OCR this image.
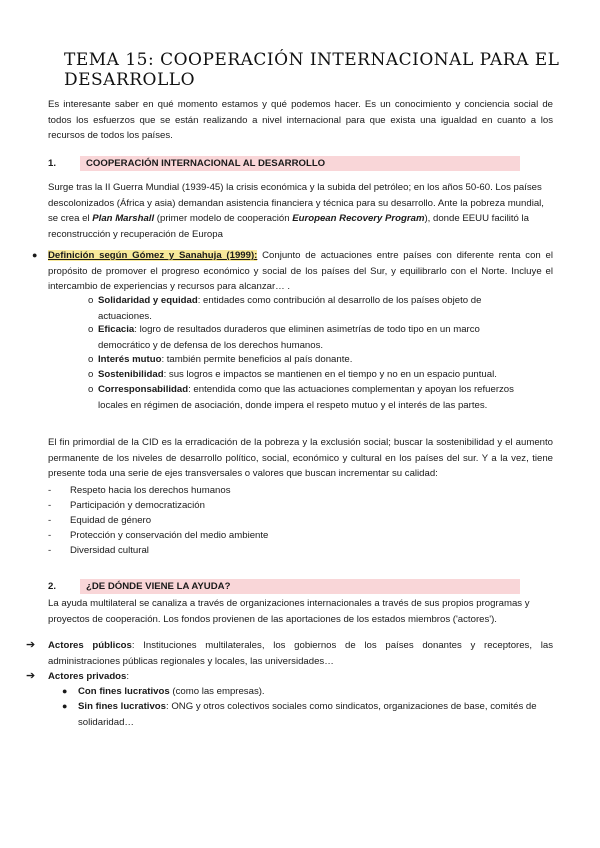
TEMA 15: COOPERACIÓN INTERNACIONAL PARA EL DESARROLLO
Es interesante saber en qué momento estamos y qué podemos hacer. Es un conocimiento y conciencia social de todos los esfuerzos que se están realizando a nivel internacional para que exista una igualdad en cuanto a los recursos de todos los países.
1.	COOPERACIÓN INTERNACIONAL AL DESARROLLO
Surge tras la II Guerra Mundial (1939-45) la crisis económica y la subida del petróleo; en los años 50-60. Los países descolonizados (África y asia) demandan asistencia financiera y técnica para su desarrollo. Ante la pobreza mundial, se crea el Plan Marshall (primer modelo de cooperación European Recovery Program), donde EEUU facilitó la reconstrucción y recuperación de Europa
● Definición según Gómez y Sanahuja (1999): Conjunto de actuaciones entre países con diferente renta con el propósito de promover el progreso económico y social de los países del Sur, y equilibrarlo con el Norte. Incluye el intercambio de experiencias y recursos para alcanzar… .
o Solidaridad y equidad: entidades como contribución al desarrollo de los países objeto de actuaciones.
o Eficacia: logro de resultados duraderos que eliminen asimetrías de todo tipo en un marco democrático y de defensa de los derechos humanos.
o Interés mutuo: también permite beneficios al país donante.
o Sostenibilidad: sus logros e impactos se mantienen en el tiempo y no en un espacio puntual.
o Corresponsabilidad: entendida como que las actuaciones complementan y apoyan los refuerzos locales en régimen de asociación, donde impera el respeto mutuo y el interés de las partes.
El fin primordial de la CID es la erradicación de la pobreza y la exclusión social; buscar la sostenibilidad y el aumento permanente de los niveles de desarrollo político, social, económico y cultural en los países del sur. Y a la vez, tiene presente toda una serie de ejes transversales o valores que buscan incrementar su calidad:
- Respeto hacia los derechos humanos
- Participación y democratización
- Equidad de género
- Protección y conservación del medio ambiente
- Diversidad cultural
2.	¿DE DÓNDE VIENE LA AYUDA?
La ayuda multilateral se canaliza a través de organizaciones internacionales a través de sus propios programas y proyectos de cooperación. Los fondos provienen de las aportaciones de los estados miembros ('actores').
➔ Actores públicos: Instituciones multilaterales, los gobiernos de los países donantes y receptores, las administraciones públicas regionales y locales, las universidades…
➔ Actores privados:
● Con fines lucrativos (como las empresas).
● Sin fines lucrativos: ONG y otros colectivos sociales como sindicatos, organizaciones de base, comités de solidaridad…
